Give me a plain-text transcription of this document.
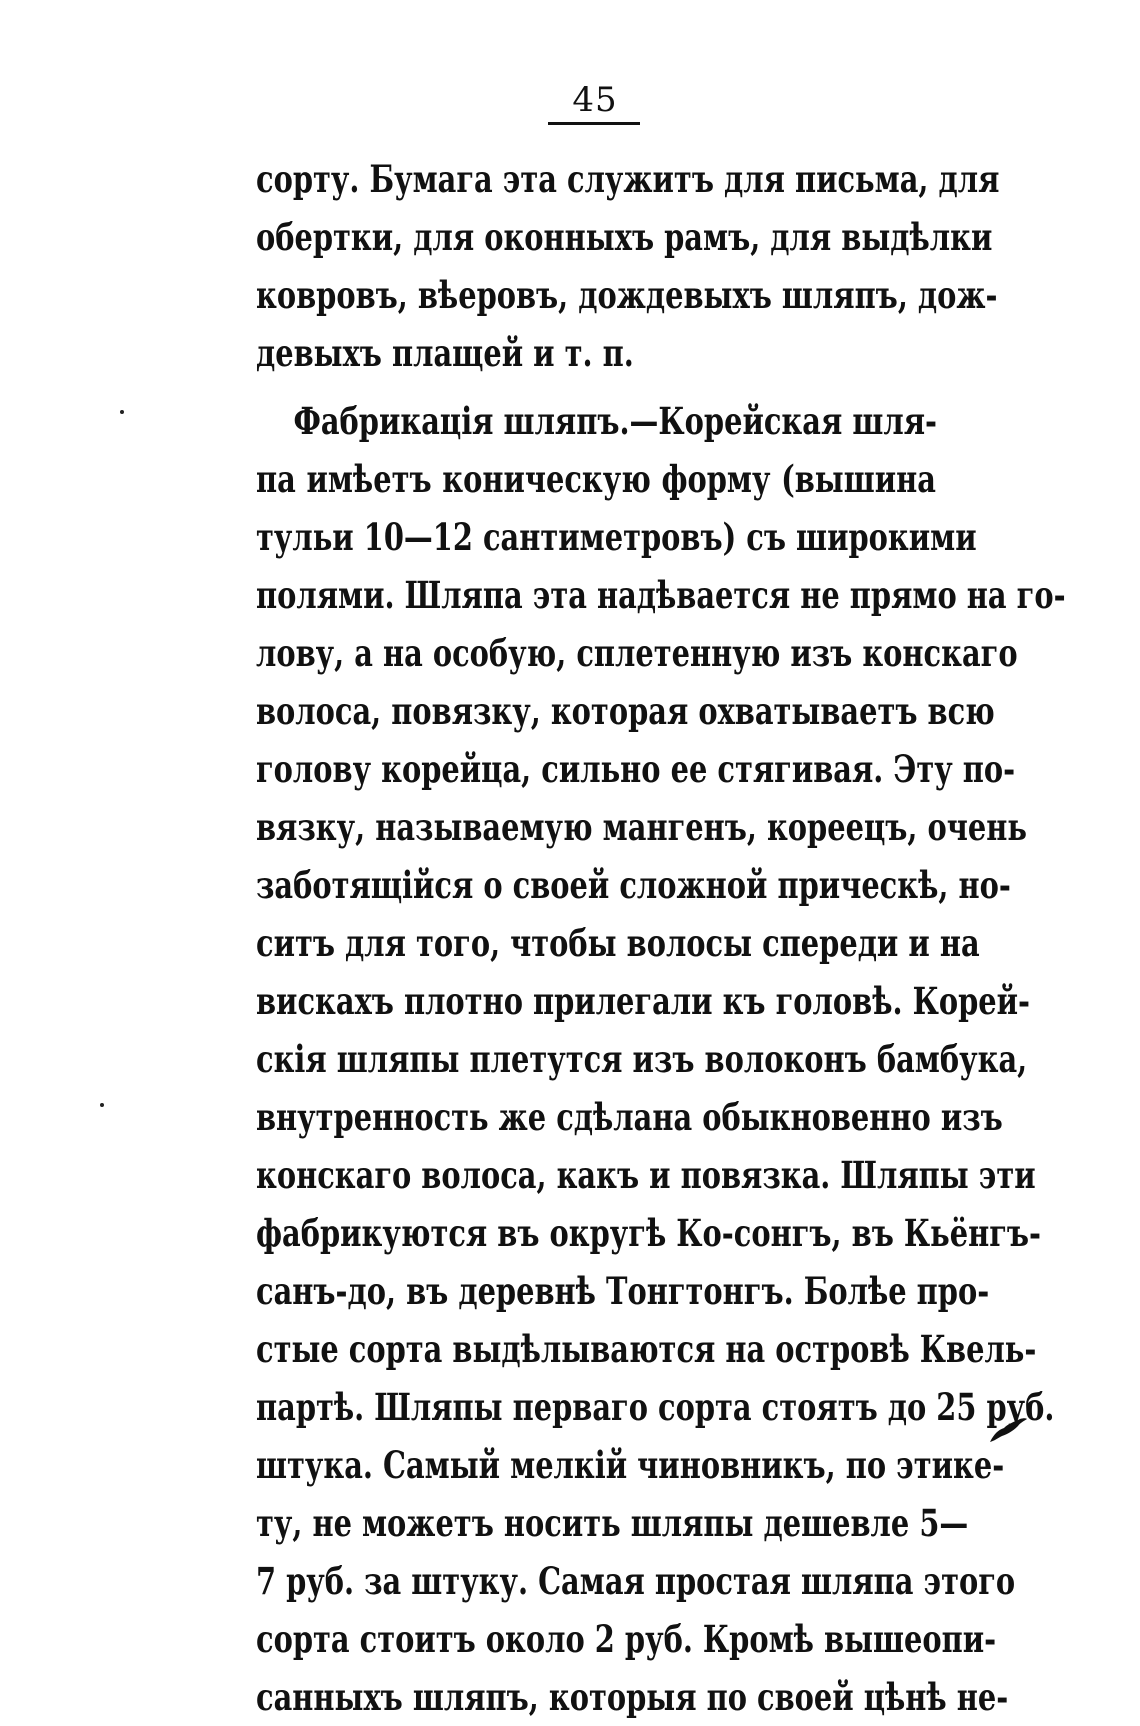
45
сорту. Бумага эта служитъ для письма, для
обертки, для оконныхъ рамъ, для выдѣлки
ковровъ, вѣеровъ, дождевыхъ шляпъ, дож-
девыхъ плащей и т. п.
Фабрикація шляпъ.—Корейская шля-
па имѣетъ коническую форму (вышина
тульи 10—12 сантиметровъ) съ широкими
полями. Шляпа эта надѣвается не прямо на го-
лову, а на особую, сплетенную изъ конскаго
волоса, повязку, которая охватываетъ всю
голову корейца, сильно ее стягивая. Эту по-
вязку, называемую мангенъ, кореецъ, очень
заботящійся о своей сложной прическѣ, но-
ситъ для того, чтобы волосы спереди и на
вискахъ плотно прилегали къ головѣ. Корей-
скія шляпы плетутся изъ волоконъ бамбука,
внутренность же сдѣлана обыкновенно изъ
конскаго волоса, какъ и повязка. Шляпы эти
фабрикуются въ округѣ Ко-сонгъ, въ Кьёнгъ-
санъ-до, въ деревнѣ Тонгтонгъ. Болѣе про-
стые сорта выдѣлываются на островѣ Квель-
партѣ. Шляпы перваго сорта стоятъ до 25 руб.
штука. Самый мелкій чиновникъ, по этике-
ту, не можетъ носить шляпы дешевле 5—
7 руб. за штуку. Самая простая шляпа этого
сорта стоитъ около 2 руб. Кромѣ вышеопи-
санныхъ шляпъ, которыя по своей цѣнѣ не-
